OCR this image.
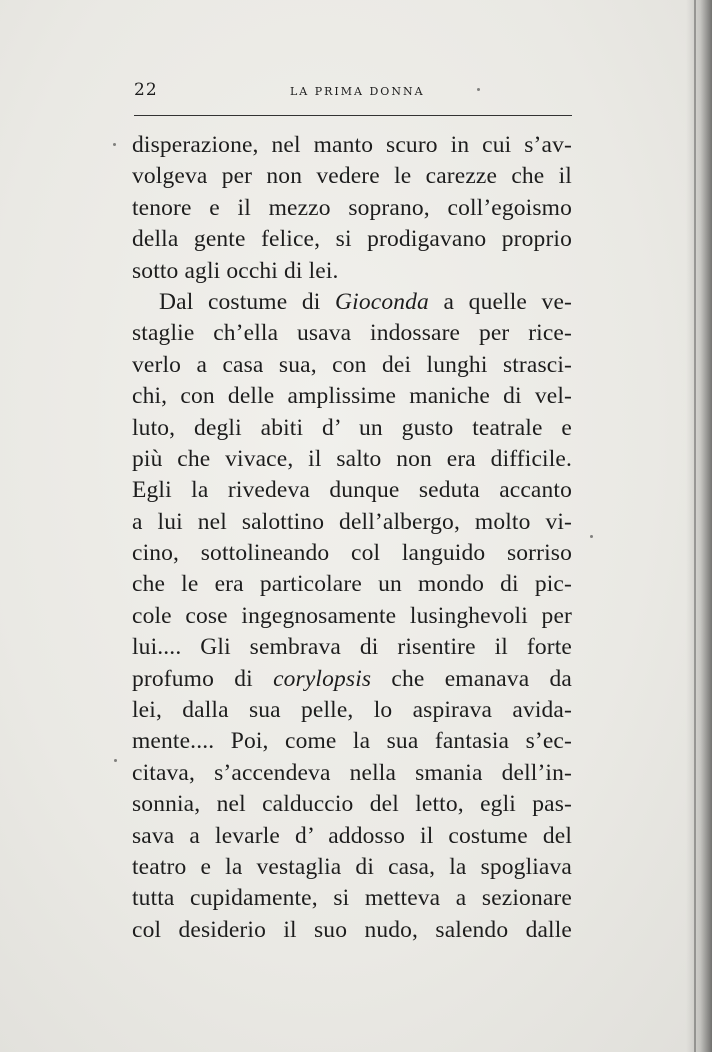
22	LA PRIMA DONNA
disperazione, nel manto scuro in cui s’av-
volgeva per non vedere le carezze che il
tenore e il mezzo soprano, coll’egoismo
della gente felice, si prodigavano proprio
sotto agli occhi di lei.
Dal costume di Gioconda a quelle ve-
staglie ch’ella usava indossare per rice-
verlo a casa sua, con dei lunghi strasci-
chi, con delle amplissime maniche di vel-
luto, degli abiti d’ un gusto teatrale e
più che vivace, il salto non era difficile.
Egli la rivedeva dunque seduta accanto
a lui nel salottino dell’albergo, molto vi-
cino, sottolineando col languido sorriso
che le era particolare un mondo di pic-
cole cose ingegnosamente lusinghevoli per
lui.... Gli sembrava di risentire il forte
profumo di corylopsis che emanava da
lei, dalla sua pelle, lo aspirava avida-
mente.... Poi, come la sua fantasia s’ec-
citava, s’accendeva nella smania dell’in-
sonnia, nel calduccio del letto, egli pas-
sava a levarle d’ addosso il costume del
teatro e la vestaglia di casa, la spogliava
tutta cupidamente, si metteva a sezionare
col desiderio il suo nudo, salendo dalle
